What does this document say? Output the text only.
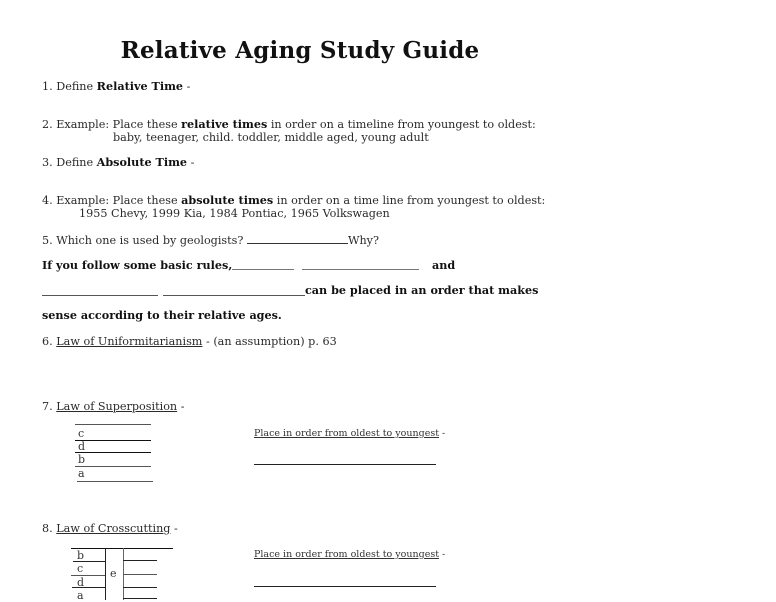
Relative Aging Study Guide
1. Define Relative Time -
2. Example: Place these relative times in order on a timeline from youngest to oldest:
baby, teenager, child. toddler, middle aged, young adult
3. Define Absolute Time -
4. Example: Place these absolute times in order on a time line from youngest to oldest:
1955 Chevy, 1999 Kia, 1984 Pontiac, 1965 Volkswagen
5. Which one is used by geologists?	Why?
If you follow some basic rules,	and
can be placed in an order that makes
sense according to their relative ages.
6. Law of Uniformitarianism - (an assumption) p. 63
7. Law of Superposition -
c
d
b
a
Place in order from oldest to youngest -
8. Law of Crosscutting -
b
c
d
a
e
Place in order from oldest to youngest -
